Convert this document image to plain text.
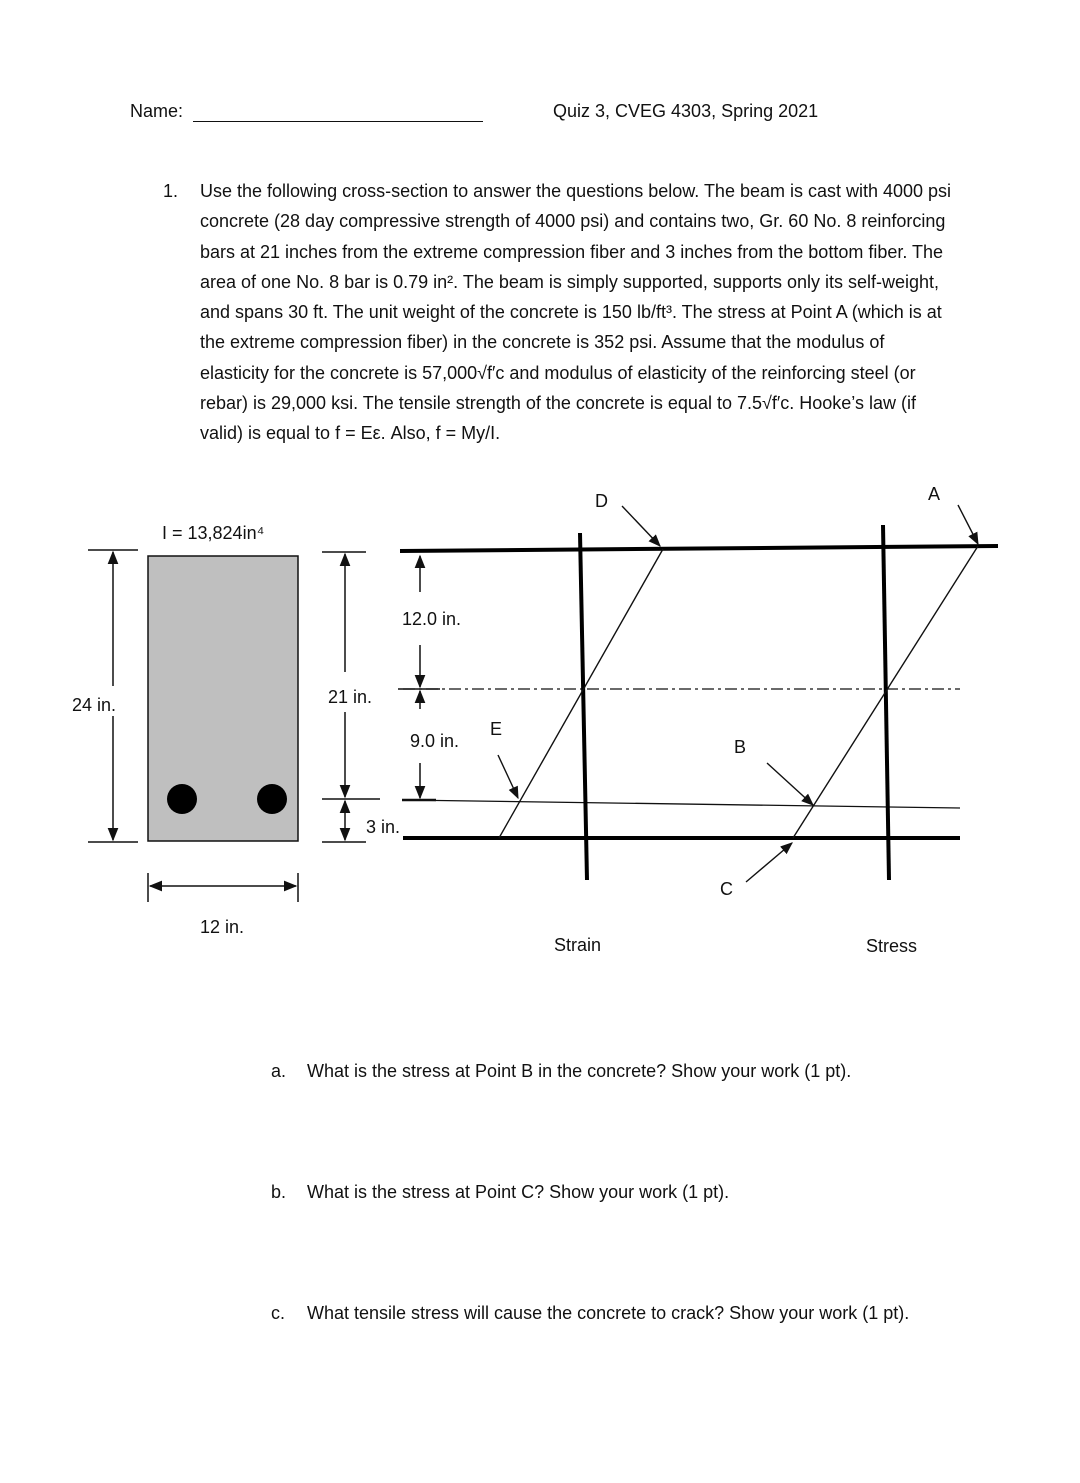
Name:	Quiz 3, CVEG 4303, Spring 2021
1. Use the following cross-section to answer the questions below. The beam is cast with 4000 psi
concrete (28 day compressive strength of 4000 psi) and contains two, Gr. 60 No. 8 reinforcing
bars at 21 inches from the extreme compression fiber and 3 inches from the bottom fiber. The
area of one No. 8 bar is 0.79 in². The beam is simply supported, supports only its self-weight,
and spans 30 ft. The unit weight of the concrete is 150 lb/ft³. The stress at Point A (which is at
the extreme compression fiber) in the concrete is 352 psi. Assume that the modulus of
elasticity for the concrete is 57,000√f′c and modulus of elasticity of the reinforcing steel (or
rebar) is 29,000 ksi. The tensile strength of the concrete is equal to 7.5√f′c. Hooke’s law (if
valid) is equal to f = Eε. Also, f = My/I.
I = 13,824in⁴
24 in.	21 in.
3 in.
12 in.
12.0 in.
9.0 in.
D
E
Strain
A
B
C
Stress
a. What is the stress at Point B in the concrete? Show your work (1 pt).
b. What is the stress at Point C? Show your work (1 pt).
c. What tensile stress will cause the concrete to crack? Show your work (1 pt).
